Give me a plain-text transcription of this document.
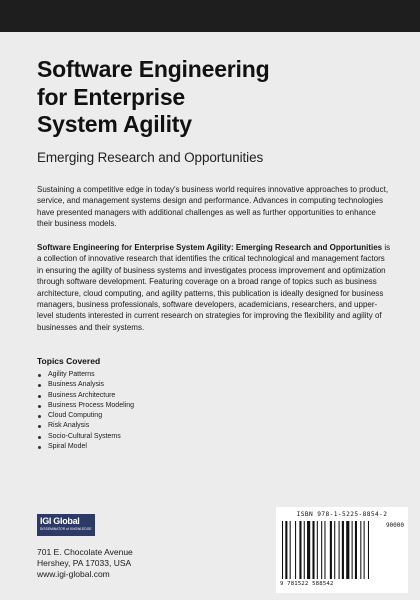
Software Engineering
for Enterprise
System Agility

Emerging Research and Opportunities

Sustaining a competitive edge in today's business world requires innovative approaches to product, service, and management systems design and performance. Advances in computing technologies have presented managers with additional challenges as well as further opportunities to enhance their business models.

Software Engineering for Enterprise System Agility: Emerging Research and Opportunities is a collection of innovative research that identifies the critical technological and management factors in ensuring the agility of business systems and investigates process improvement and optimization through software development. Featuring coverage on a broad range of topics such as business architecture, cloud computing, and agility patterns, this publication is ideally designed for business managers, business professionals, software developers, academicians, researchers, and upper-level students interested in current research on strategies for improving the flexibility and agility of businesses and their systems.

Topics Covered
Agility Patterns
Business Analysis
Business Architecture
Business Process Modeling
Cloud Computing
Risk Analysis
Socio-Cultural Systems
Spiral Model
IGI Global
DISSEMINATOR of KNOWLEDGE

701 E. Chocolate Avenue
Hershey, PA 17033, USA
www.igi-global.com

ISBN 978-1-5225-8854-2
90000
9 781522 588542
